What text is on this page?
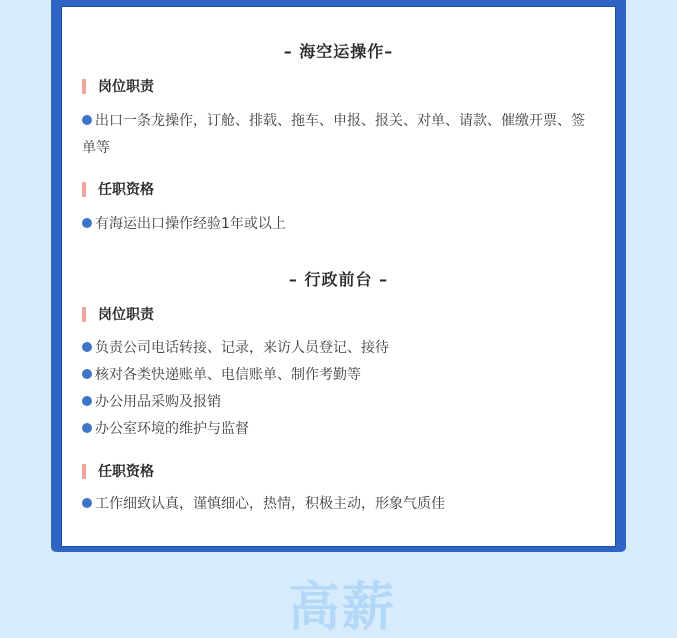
– 海空运操作–
岗位职责
出口一条龙操作，订舱、排载、拖车、申报、报关、对单、请款、催缴开票、签单等
任职资格
有海运出口操作经验1年或以上
– 行政前台 –
岗位职责
负责公司电话转接、记录，来访人员登记、接待
核对各类快递账单、电信账单、制作考勤等
办公用品采购及报销
办公室环境的维护与监督
任职资格
工作细致认真，谨慎细心，热情，积极主动，形象气质佳
高薪
